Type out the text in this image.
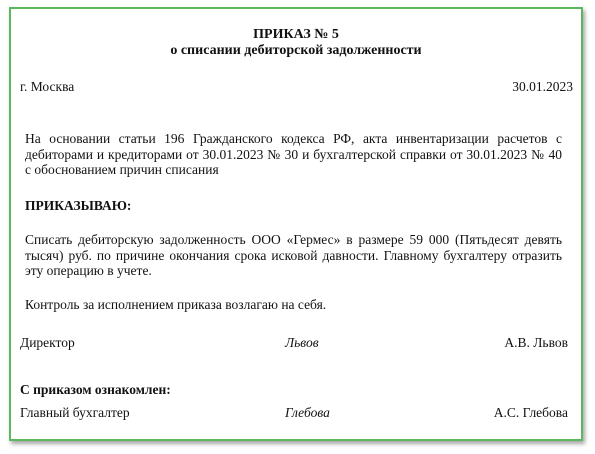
ПРИКАЗ № 5
о списании дебиторской задолженности
г. Москва	30.01.2023
На основании статьи 196 Гражданского кодекса РФ, акта инвентаризации расчетов с дебиторами и кредиторами от 30.01.2023 № 30 и бухгалтерской справки от 30.01.2023 № 40 с обоснованием причин списания
ПРИКАЗЫВАЮ:
Списать дебиторскую задолженность ООО «Гермес» в размере 59 000 (Пятьдесят девять тысяч) руб. по причине окончания срока исковой давности. Главному бухгалтеру отразить эту операцию в учете.
Контроль за исполнением приказа возлагаю на себя.
Директор	Львов	А.В. Львов
С приказом ознакомлен:
Главный бухгалтер	Глебова	А.С. Глебова
